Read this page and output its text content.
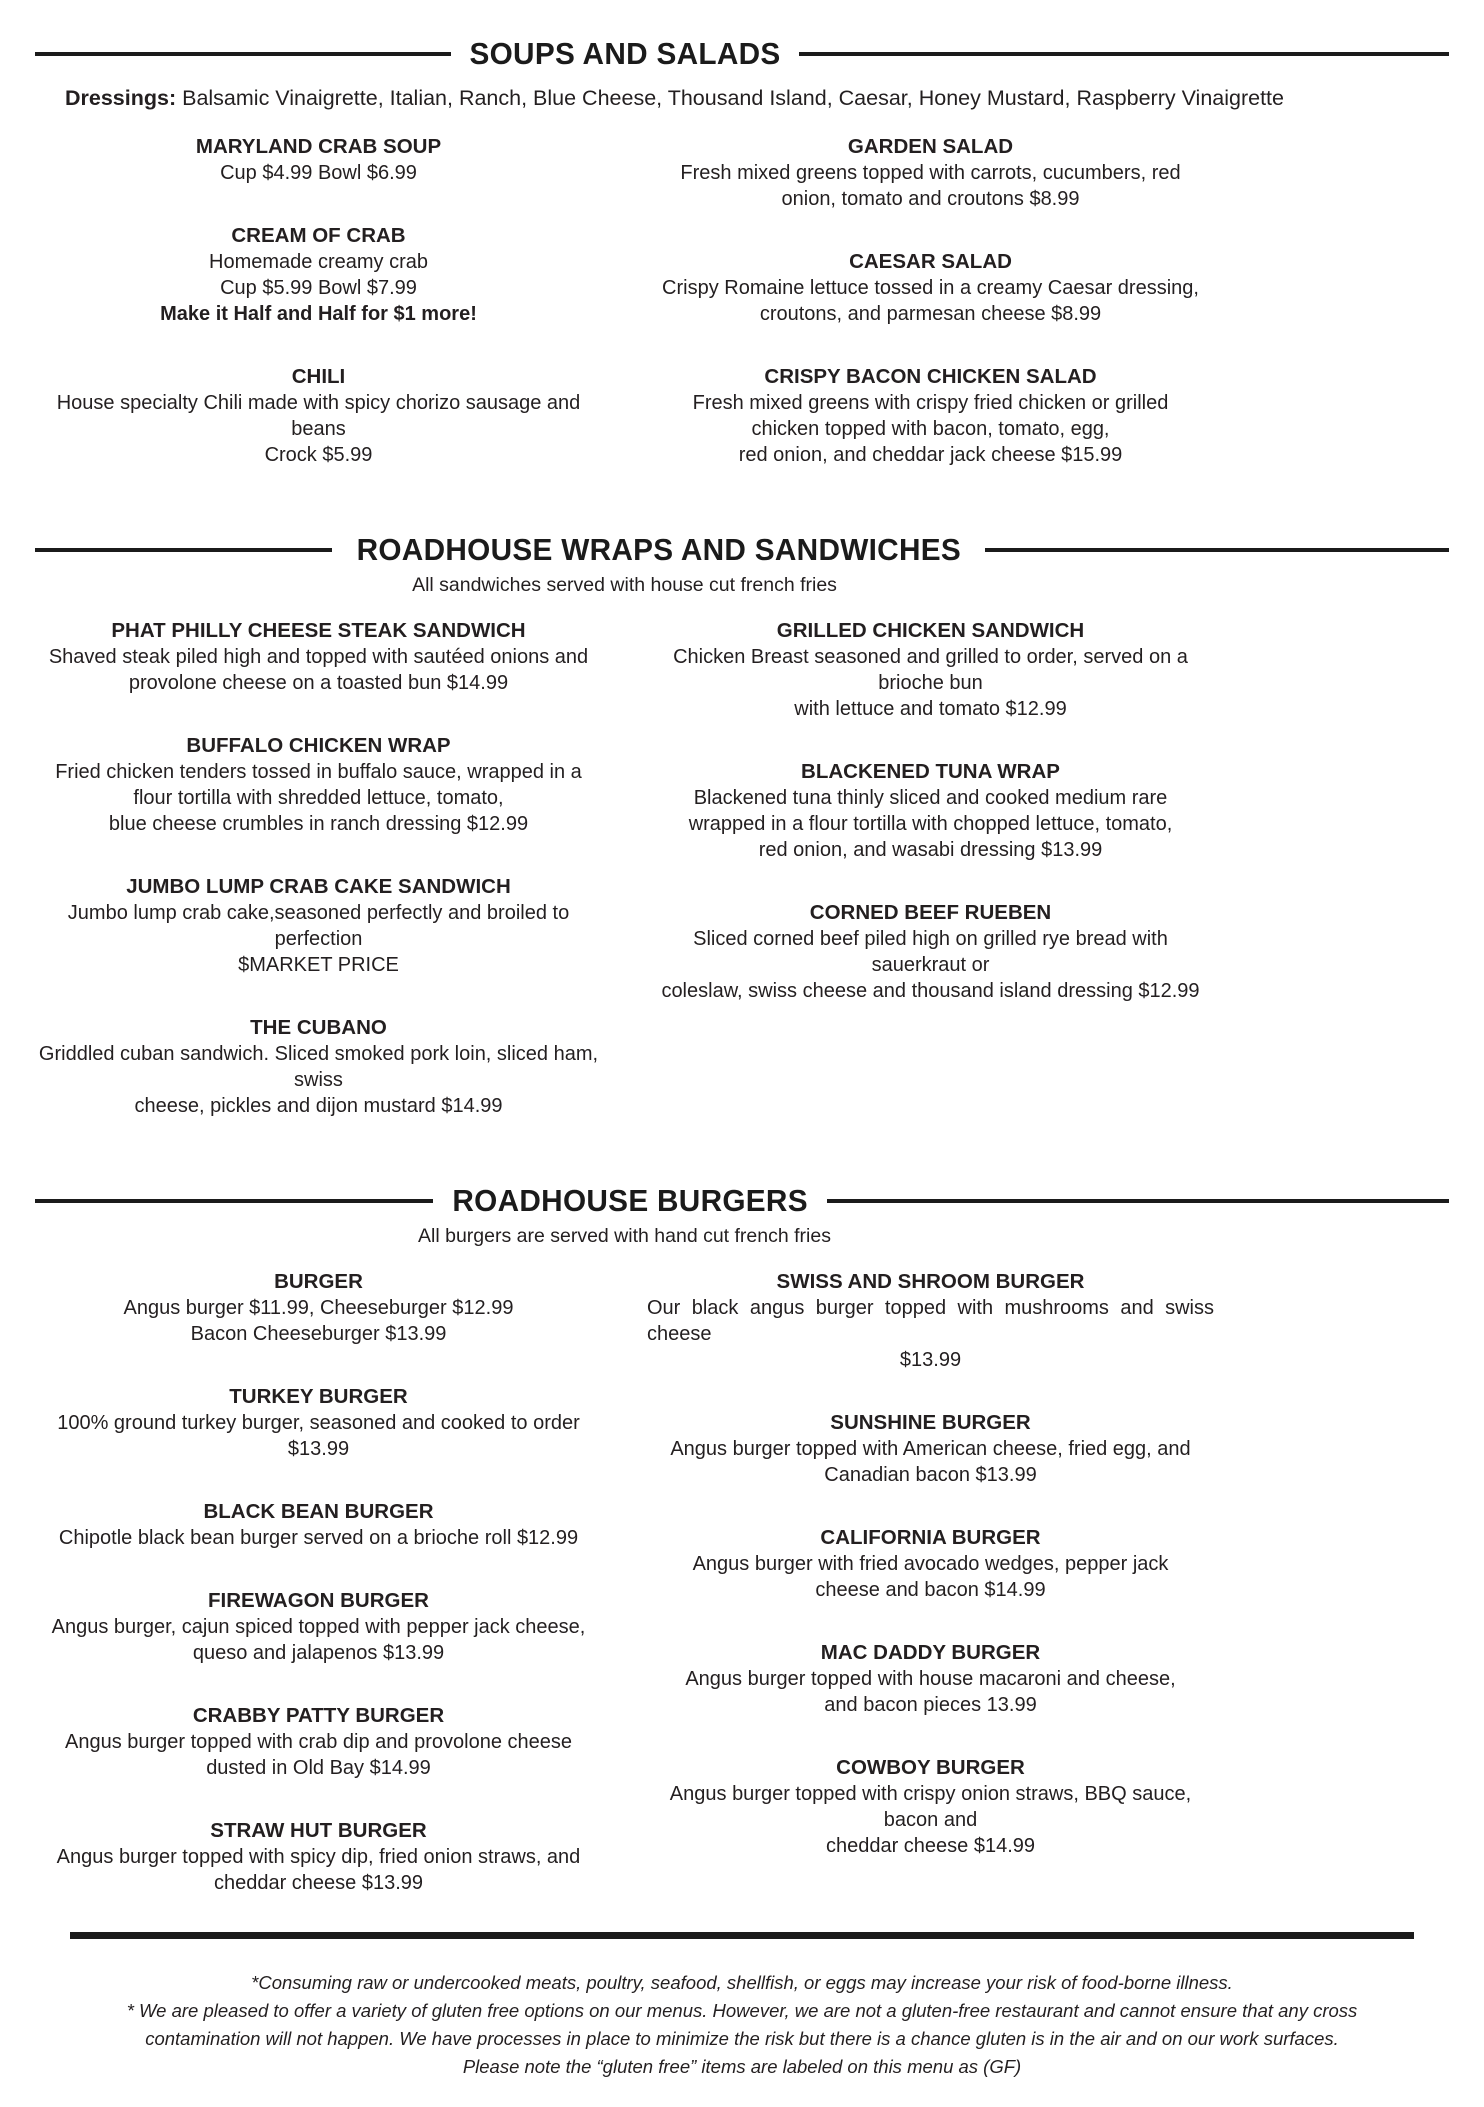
SOUPS AND SALADS

Dressings: Balsamic Vinaigrette, Italian, Ranch, Blue Cheese, Thousand Island, Caesar, Honey Mustard, Raspberry Vinaigrette

MARYLAND CRAB SOUP
Cup $4.99 Bowl $6.99
CREAM OF CRAB
Homemade creamy crab
Cup $5.99 Bowl $7.99
Make it Half and Half for $1 more!
CHILI
House specialty Chili made with spicy chorizo sausage and beans
Crock $5.99
GARDEN SALAD
Fresh mixed greens topped with carrots, cucumbers, red
onion, tomato and croutons $8.99
CAESAR SALAD
Crispy Romaine lettuce tossed in a creamy Caesar dressing,
croutons, and parmesan cheese $8.99
CRISPY BACON CHICKEN SALAD
Fresh mixed greens with crispy fried chicken or grilled
chicken topped with bacon, tomato, egg,
red onion, and cheddar jack cheese $15.99
ROADHOUSE WRAPS AND SANDWICHES

All sandwiches served with house cut french fries

PHAT PHILLY CHEESE STEAK SANDWICH
Shaved steak piled high and topped with sautéed onions and
provolone cheese on a toasted bun $14.99
BUFFALO CHICKEN WRAP
Fried chicken tenders tossed in buffalo sauce, wrapped in a
flour tortilla with shredded lettuce, tomato,
blue cheese crumbles in ranch dressing $12.99
JUMBO LUMP CRAB CAKE SANDWICH
Jumbo lump crab cake,seasoned perfectly and broiled to perfection
$MARKET PRICE
THE CUBANO
Griddled cuban sandwich. Sliced smoked pork loin, sliced ham, swiss
cheese, pickles and dijon mustard $14.99
GRILLED CHICKEN SANDWICH
Chicken Breast seasoned and grilled to order, served on a brioche bun
with lettuce and tomato $12.99
BLACKENED TUNA WRAP
Blackened tuna thinly sliced and cooked medium rare
wrapped in a flour tortilla with chopped lettuce, tomato,
red onion, and wasabi dressing $13.99
CORNED BEEF RUEBEN
Sliced corned beef piled high on grilled rye bread with sauerkraut or
coleslaw, swiss cheese and thousand island dressing $12.99
ROADHOUSE BURGERS

All burgers are served with hand cut french fries

BURGER
Angus burger $11.99, Cheeseburger $12.99
Bacon Cheeseburger $13.99
TURKEY BURGER
100% ground turkey burger, seasoned and cooked to order
$13.99
BLACK BEAN BURGER
Chipotle black bean burger served on a brioche roll $12.99
FIREWAGON BURGER
Angus burger, cajun spiced topped with pepper jack cheese,
queso and jalapenos $13.99
CRABBY PATTY BURGER
Angus burger topped with crab dip and provolone cheese
dusted in Old Bay $14.99
STRAW HUT BURGER
Angus burger topped with spicy dip, fried onion straws, and
cheddar cheese $13.99
SWISS AND SHROOM BURGER
Our black angus burger topped with mushrooms and swiss cheese
$13.99
SUNSHINE BURGER
Angus burger topped with American cheese, fried egg, and
Canadian bacon $13.99
CALIFORNIA BURGER
Angus burger with fried avocado wedges, pepper jack
cheese and bacon $14.99
MAC DADDY BURGER
Angus burger topped with house macaroni and cheese,
and bacon pieces 13.99
COWBOY BURGER
Angus burger topped with crispy onion straws, BBQ sauce, bacon and
cheddar cheese $14.99

*Consuming raw or undercooked meats, poultry, seafood, shellfish, or eggs may increase your risk of food-borne illness.

* We are pleased to offer a variety of gluten free options on our menus. However, we are not a gluten-free restaurant and cannot ensure that any cross contamination will not happen. We have processes in place to minimize the risk but there is a chance gluten is in the air and on our work surfaces.

Please note the “gluten free” items are labeled on this menu as (GF)
